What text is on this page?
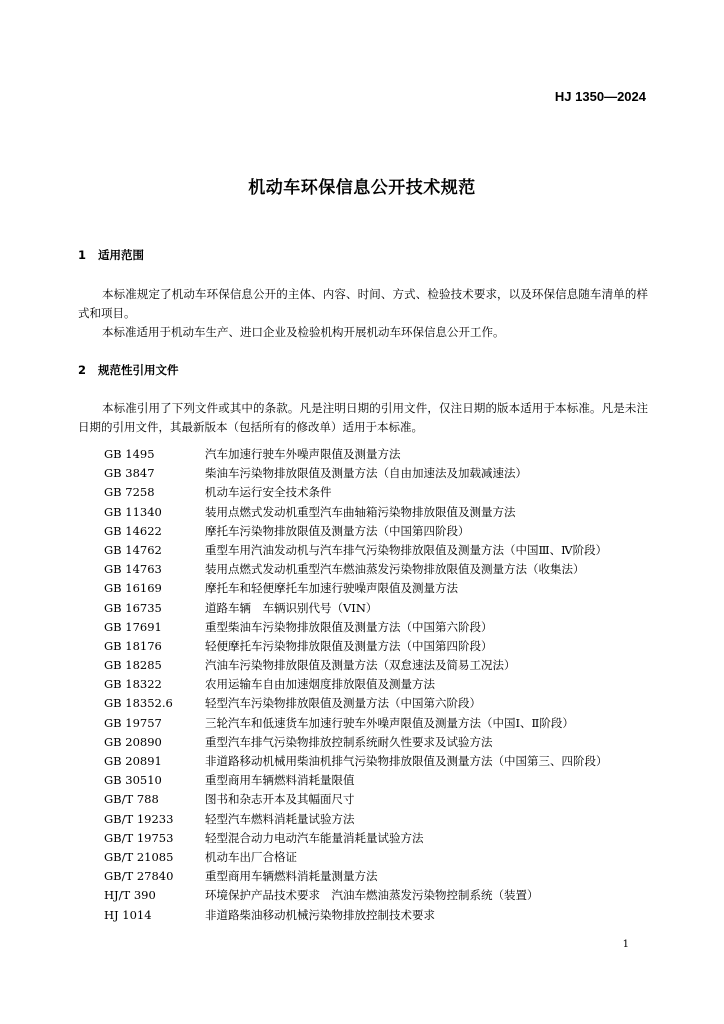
HJ 1350—2024
机动车环保信息公开技术规范
1 适用范围
本标准规定了机动车环保信息公开的主体、内容、时间、方式、检验技术要求，以及环保信息随车清单的样式和项目。
本标准适用于机动车生产、进口企业及检验机构开展机动车环保信息公开工作。
2 规范性引用文件
本标准引用了下列文件或其中的条款。凡是注明日期的引用文件，仅注日期的版本适用于本标准。凡是未注日期的引用文件，其最新版本（包括所有的修改单）适用于本标准。
GB 1495	汽车加速行驶车外噪声限值及测量方法
GB 3847	柴油车污染物排放限值及测量方法（自由加速法及加载减速法）
GB 7258	机动车运行安全技术条件
GB 11340	装用点燃式发动机重型汽车曲轴箱污染物排放限值及测量方法
GB 14622	摩托车污染物排放限值及测量方法（中国第四阶段）
GB 14762	重型车用汽油发动机与汽车排气污染物排放限值及测量方法（中国Ⅲ、Ⅳ阶段）
GB 14763	装用点燃式发动机重型汽车燃油蒸发污染物排放限值及测量方法（收集法）
GB 16169	摩托车和轻便摩托车加速行驶噪声限值及测量方法
GB 16735	道路车辆　车辆识别代号（VIN）
GB 17691	重型柴油车污染物排放限值及测量方法（中国第六阶段）
GB 18176	轻便摩托车污染物排放限值及测量方法（中国第四阶段）
GB 18285	汽油车污染物排放限值及测量方法（双怠速法及简易工况法）
GB 18322	农用运输车自由加速烟度排放限值及测量方法
GB 18352.6	轻型汽车污染物排放限值及测量方法（中国第六阶段）
GB 19757	三轮汽车和低速货车加速行驶车外噪声限值及测量方法（中国Ⅰ、Ⅱ阶段）
GB 20890	重型汽车排气污染物排放控制系统耐久性要求及试验方法
GB 20891	非道路移动机械用柴油机排气污染物排放限值及测量方法（中国第三、四阶段）
GB 30510	重型商用车辆燃料消耗量限值
GB/T 788	图书和杂志开本及其幅面尺寸
GB/T 19233	轻型汽车燃料消耗量试验方法
GB/T 19753	轻型混合动力电动汽车能量消耗量试验方法
GB/T 21085	机动车出厂合格证
GB/T 27840	重型商用车辆燃料消耗量测量方法
HJ/T 390	环境保护产品技术要求　汽油车燃油蒸发污染物控制系统（装置）
HJ 1014	非道路柴油移动机械污染物排放控制技术要求
1
